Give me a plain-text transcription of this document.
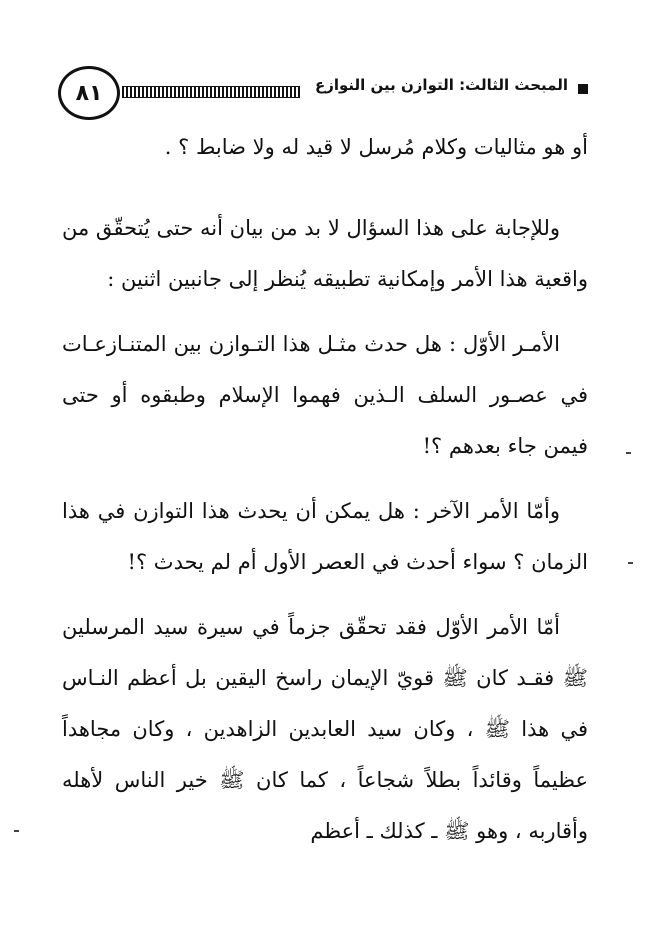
٨١	المبحث الثالث: التوازن بين النوازع

أو هو مثاليات وكلام مُرسل لا قيد له ولا ضابط ؟ .

وللإجابة على هذا السؤال لا بد من بيان أنه حتى يُتحقّق من واقعية هذا الأمر وإمكانية تطبيقه يُنظر إلى جانبين اثنين :

الأمـر الأوّل : هل حدث مثـل هذا التـوازن بين المتنـازعـات في عصـور السلف الـذين فهموا الإسلام وطبقوه أو حتى فيمن جاء بعدهم ؟!

وأمّا الأمر الآخر : هل يمكن أن يحدث هذا التوازن في هذا الزمان ؟ سواء أحدث في العصر الأول أم لم يحدث ؟!

أمّا الأمر الأوّل فقد تحقّق جزماً في سيرة سيد المرسلين ﷺ فقـد كان ﷺ قويّ الإيمان راسخ اليقين بل أعظم النـاس في هذا ﷺ ، وكان سيد العابدين الزاهدين ، وكان مجاهداً عظيماً وقائداً بطلاً شجاعاً ، كما كان ﷺ خير الناس لأهله وأقاربه ، وهو ﷺ ـ كذلك ـ أعظم
